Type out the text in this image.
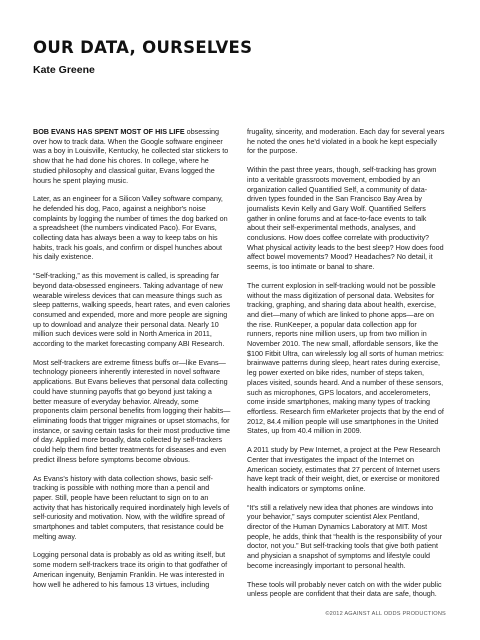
OUR DATA, OURSELVES
Kate Greene

BOB EVANS HAS SPENT MOST OF HIS LIFE obsessing over how to track data. When the Google software engineer was a boy in Louisville, Kentucky, he collected star stickers to show that he had done his chores. In college, where he studied philosophy and classical guitar, Evans logged the hours he spent playing music.

Later, as an engineer for a Silicon Valley software company, he defended his dog, Paco, against a neighbor's noise complaints by logging the number of times the dog barked on a spreadsheet (the numbers vindicated Paco). For Evans, collecting data has always been a way to keep tabs on his habits, track his goals, and confirm or dispel hunches about his daily existence.

“Self-tracking,” as this movement is called, is spreading far beyond data-obsessed engineers. Taking advantage of new wearable wireless devices that can measure things such as sleep patterns, walking speeds, heart rates, and even calories consumed and expended, more and more people are signing up to download and analyze their personal data. Nearly 10 million such devices were sold in North America in 2011, according to the market forecasting company ABI Research.

Most self-trackers are extreme fitness buffs or—like Evans—technology pioneers inherently interested in novel software applications. But Evans believes that personal data collecting could have stunning payoffs that go beyond just taking a better measure of everyday behavior. Already, some proponents claim personal benefits from logging their habits—eliminating foods that trigger migraines or upset stomachs, for instance, or saving certain tasks for their most productive time of day. Applied more broadly, data collected by self-trackers could help them find better treatments for diseases and even predict illness before symptoms become obvious.

As Evans's history with data collection shows, basic self-tracking is possible with nothing more than a pencil and paper. Still, people have been reluctant to sign on to an activity that has historically required inordinately high levels of self-curiosity and motivation. Now, with the wildfire spread of smartphones and tablet computers, that resistance could be melting away.

Logging personal data is probably as old as writing itself, but some modern self-trackers trace its origin to that godfather of American ingenuity, Benjamin Franklin. He was interested in how well he adhered to his famous 13 virtues, including

frugality, sincerity, and moderation. Each day for several years he noted the ones he'd violated in a book he kept especially for the purpose.

Within the past three years, though, self-tracking has grown into a veritable grassroots movement, embodied by an organization called Quantified Self, a community of data-driven types founded in the San Francisco Bay Area by journalists Kevin Kelly and Gary Wolf. Quantified Selfers gather in online forums and at face-to-face events to talk about their self-experimental methods, analyses, and conclusions. How does coffee correlate with productivity? What physical activity leads to the best sleep? How does food affect bowel movements? Mood? Headaches? No detail, it seems, is too intimate or banal to share.

The current explosion in self-tracking would not be possible without the mass digitization of personal data. Websites for tracking, graphing, and sharing data about health, exercise, and diet—many of which are linked to phone apps—are on the rise. RunKeeper, a popular data collection app for runners, reports nine million users, up from two million in November 2010. The new small, affordable sensors, like the $100 Fitbit Ultra, can wirelessly log all sorts of human metrics: brainwave patterns during sleep, heart rates during exercise, leg power exerted on bike rides, number of steps taken, places visited, sounds heard. And a number of these sensors, such as microphones, GPS locators, and accelerometers, come inside smartphones, making many types of tracking effortless. Research firm eMarketer projects that by the end of 2012, 84.4 million people will use smartphones in the United States, up from 40.4 million in 2009.

A 2011 study by Pew Internet, a project at the Pew Research Center that investigates the impact of the Internet on American society, estimates that 27 percent of Internet users have kept track of their weight, diet, or exercise or monitored health indicators or symptoms online.

“It's still a relatively new idea that phones are windows into your behavior,” says computer scientist Alex Pentland, director of the Human Dynamics Laboratory at MIT. Most people, he adds, think that “health is the responsibility of your doctor, not you.” But self-tracking tools that give both patient and physician a snapshot of symptoms and lifestyle could become increasingly important to personal health.

These tools will probably never catch on with the wider public unless people are confident that their data are safe, though.

©2012 AGAINST ALL ODDS PRODUCTIONS
